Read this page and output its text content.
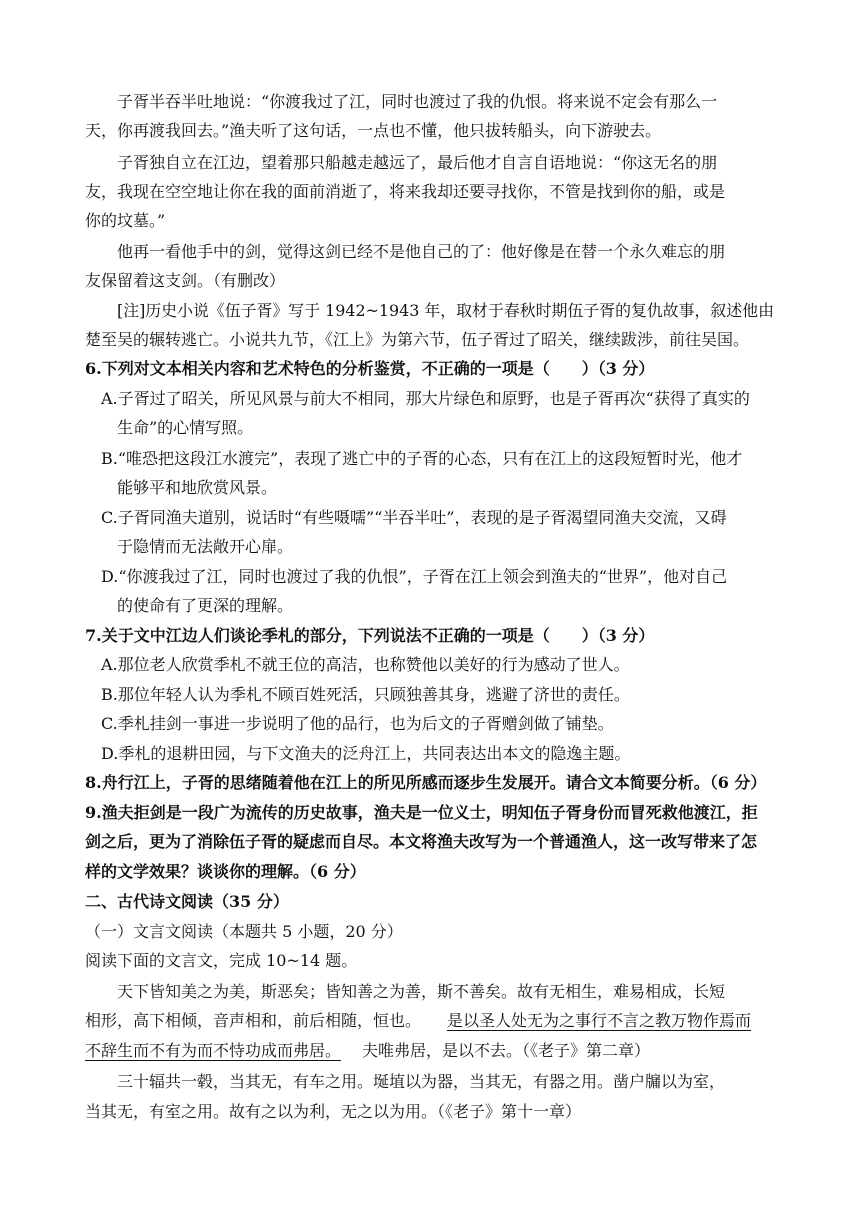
子胥半吞半吐地说：“你渡我过了江，同时也渡过了我的仇恨。将来说不定会有那么一
天，你再渡我回去。”渔夫听了这句话，一点也不懂，他只拔转船头，向下游驶去。
子胥独自立在江边，望着那只船越走越远了，最后他才自言自语地说：“你这无名的朋
友，我现在空空地让你在我的面前消逝了，将来我却还要寻找你，不管是找到你的船，或是
你的坟墓。”
他再一看他手中的剑，觉得这剑已经不是他自己的了：他好像是在替一个永久难忘的朋
友保留着这支剑。（有删改）
[注]历史小说《伍子胥》写于 1942~1943 年，取材于春秋时期伍子胥的复仇故事，叙述他由
楚至吴的辗转逃亡。小说共九节，《江上》为第六节，伍子胥过了昭关，继续跋涉，前往吴国。
6.下列对文本相关内容和艺术特色的分析鉴赏，不正确的一项是（　　）（3 分）
A.子胥过了昭关，所见风景与前大不相同，那大片绿色和原野，也是子胥再次“获得了真实的
生命”的心情写照。
B.“唯恐把这段江水渡完”，表现了逃亡中的子胥的心态，只有在江上的这段短暂时光，他才
能够平和地欣赏风景。
C.子胥同渔夫道别，说话时“有些嗫嚅”“半吞半吐”，表现的是子胥渴望同渔夫交流，又碍
于隐情而无法敞开心扉。
D.“你渡我过了江，同时也渡过了我的仇恨”，子胥在江上领会到渔夫的“世界”，他对自己
的使命有了更深的理解。
7.关于文中江边人们谈论季札的部分，下列说法不正确的一项是（　　）（3 分）
A.那位老人欣赏季札不就王位的高洁，也称赞他以美好的行为感动了世人。
B.那位年轻人认为季札不顾百姓死活，只顾独善其身，逃避了济世的责任。
C.季札挂剑一事进一步说明了他的品行，也为后文的子胥赠剑做了铺垫。
D.季札的退耕田园，与下文渔夫的泛舟江上，共同表达出本文的隐逸主题。
8.舟行江上，子胥的思绪随着他在江上的所见所感而逐步生发展开。请合文本简要分析。（6 分）
9.渔夫拒剑是一段广为流传的历史故事，渔夫是一位义士，明知伍子胥身份而冒死救他渡江，拒
剑之后，更为了消除伍子胥的疑虑而自尽。本文将渔夫改写为一个普通渔人，这一改写带来了怎
样的文学效果？谈谈你的理解。（6 分）
二、古代诗文阅读（35 分）
（一）文言文阅读（本题共 5 小题，20 分）
阅读下面的文言文，完成 10~14 题。
天下皆知美之为美，斯恶矣；皆知善之为善，斯不善矣。故有无相生，难易相成，长短
相形，高下相倾，音声相和，前后相随，恒也。 是以圣人处无为之事行不言之教万物作焉而
不辞生而不有为而不恃功成而弗居。 夫唯弗居，是以不去。（《老子》第二章）
三十辐共一毂，当其无，有车之用。埏埴以为器，当其无，有器之用。凿户牖以为室，
当其无，有室之用。故有之以为利，无之以为用。（《老子》第十一章）
